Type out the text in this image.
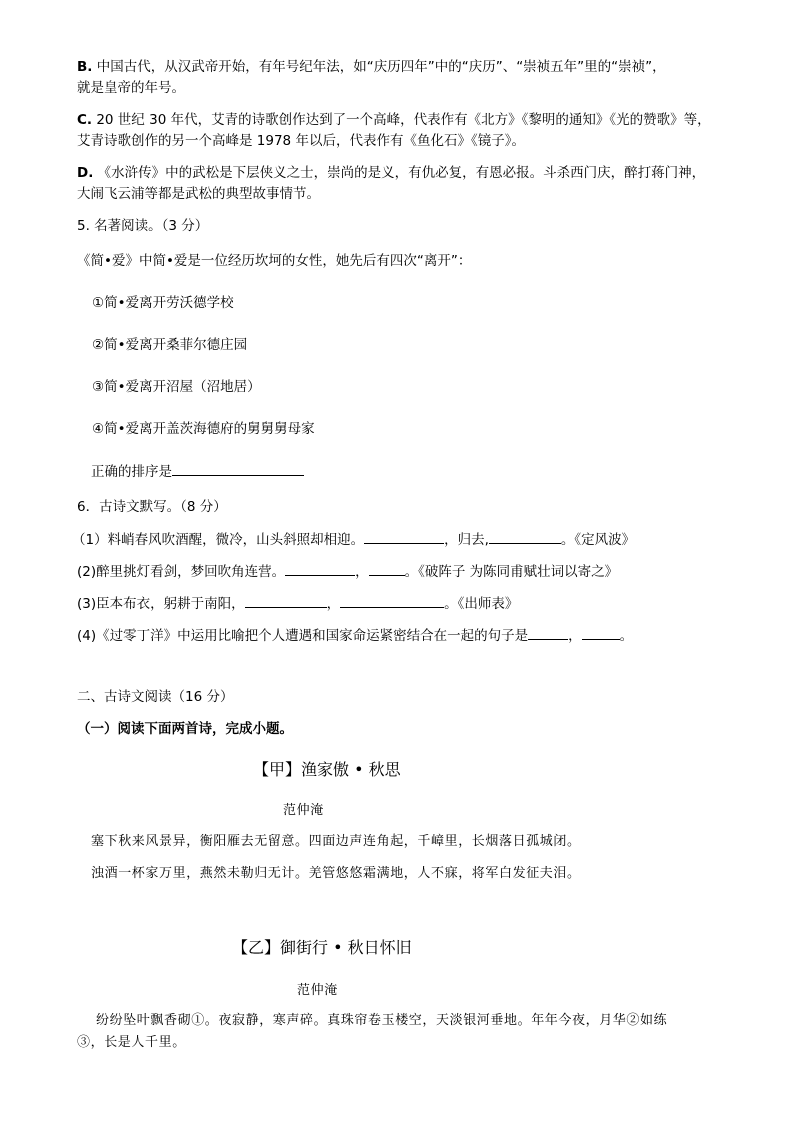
B. 中国古代，从汉武帝开始，有年号纪年法，如“庆历四年”中的“庆历”、“崇祯五年”里的“崇祯”，
就是皇帝的年号。
C. 20 世纪 30 年代，艾青的诗歌创作达到了一个高峰，代表作有《北方》《黎明的通知》《光的赞歌》等，
艾青诗歌创作的另一个高峰是 1978 年以后，代表作有《鱼化石》《镜子》。
D. 《水浒传》中的武松是下层侠义之士，崇尚的是义，有仇必复，有恩必报。斗杀西门庆，醉打蒋门神，
大闹飞云浦等都是武松的典型故事情节。
5. 名著阅读。（3 分）
《简•爱》中简•爱是一位经历坎坷的女性，她先后有四次“离开”：
①简•爱离开劳沃德学校
②简•爱离开桑菲尔德庄园
③简•爱离开沼屋（沼地居）
④简•爱离开盖茨海德府的舅舅舅母家
正确的排序是
6．古诗文默写。（8 分）
（1）料峭春风吹酒醒，微冷，山头斜照却相迎。	，归去,	。《定风波》
(2)醉里挑灯看剑，梦回吹角连营。	，	。《破阵子 为陈同甫赋壮词以寄之》
(3)臣本布衣，躬耕于南阳，	，	。《出师表》
(4)《过零丁洋》中运用比喻把个人遭遇和国家命运紧密结合在一起的句子是	，	。
二、古诗文阅读（16 分）
（一）阅读下面两首诗，完成小题。
【甲】渔家傲 • 秋思
范仲淹
塞下秋来风景异，衡阳雁去无留意。四面边声连角起，千嶂里，长烟落日孤城闭。
浊酒一杯家万里，燕然未勒归无计。羌管悠悠霜满地，人不寐，将军白发征夫泪。
【乙】御街行 • 秋日怀旧
范仲淹
纷纷坠叶飘香砌①。夜寂静，寒声碎。真珠帘卷玉楼空，天淡银河垂地。年年今夜，月华②如练
③，长是人千里。
